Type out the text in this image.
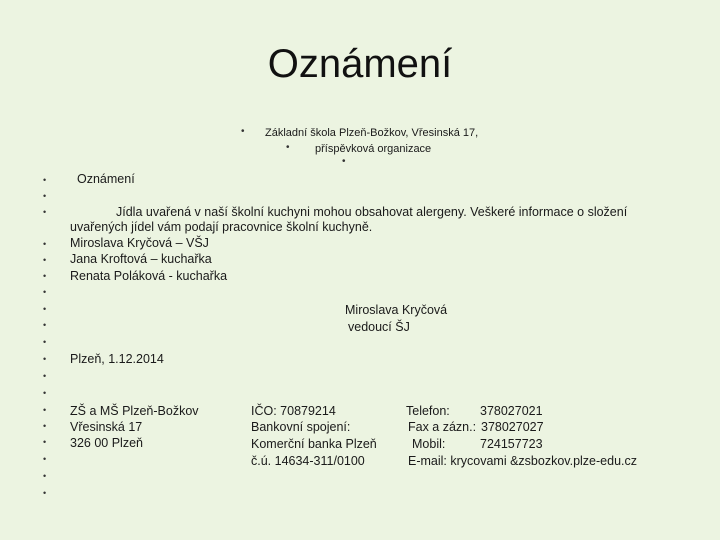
Oznámení
• Základní škola Plzeň-Božkov, Vřesinská 17,
• příspěvková organizace
•
•
•
•
•
•
•
•
•
•
•
•
•
•
•
•
•
•
•
•
Oznámení
Jídla uvařená v naší školní kuchyni mohou obsahovat alergeny. Veškeré informace o složení
uvařených jídel vám podají pracovnice školní kuchyně.
Miroslava Kryčová – VŠJ
Jana Kroftová – kuchařka
Renata Poláková - kuchařka
Miroslava Kryčová
vedoucí ŠJ
Plzeň, 1.12.2014
ZŠ a MŠ Plzeň-Božkov
Vřesinská 17
326 00 Plzeň
IČO: 70879214
Bankovní spojení:
Komerční banka Plzeň
č.ú. 14634-311/0100
Telefon:
Fax a zázn.:
Mobil:
378027021
378027027
724157723
E-mail: krycovami &zsbozkov.plze-edu.cz
